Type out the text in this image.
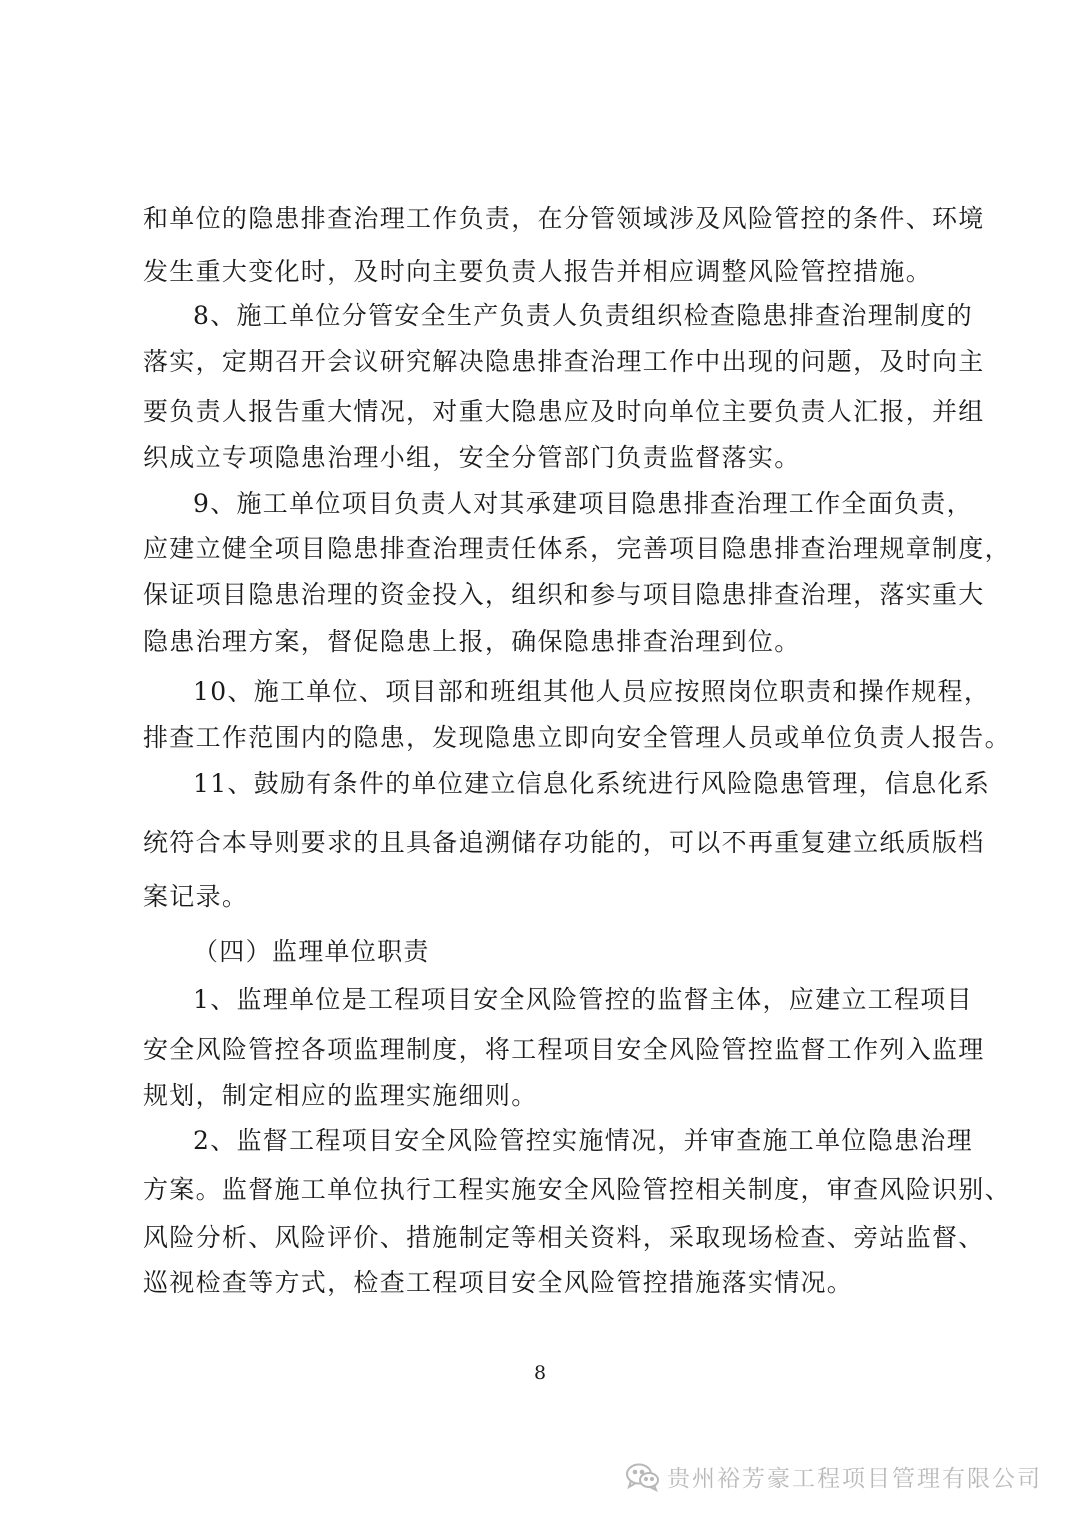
和单位的隐患排查治理工作负责，在分管领域涉及风险管控的条件、环境
发生重大变化时，及时向主要负责人报告并相应调整风险管控措施。
8、施工单位分管安全生产负责人负责组织检查隐患排查治理制度的
落实，定期召开会议研究解决隐患排查治理工作中出现的问题，及时向主
要负责人报告重大情况，对重大隐患应及时向单位主要负责人汇报，并组
织成立专项隐患治理小组，安全分管部门负责监督落实。
9、施工单位项目负责人对其承建项目隐患排查治理工作全面负责，
应建立健全项目隐患排查治理责任体系，完善项目隐患排查治理规章制度，
保证项目隐患治理的资金投入，组织和参与项目隐患排查治理，落实重大
隐患治理方案，督促隐患上报，确保隐患排查治理到位。
10、施工单位、项目部和班组其他人员应按照岗位职责和操作规程，
排查工作范围内的隐患，发现隐患立即向安全管理人员或单位负责人报告。
11、鼓励有条件的单位建立信息化系统进行风险隐患管理，信息化系
统符合本导则要求的且具备追溯储存功能的，可以不再重复建立纸质版档
案记录。
（四）监理单位职责
1、监理单位是工程项目安全风险管控的监督主体，应建立工程项目
安全风险管控各项监理制度，将工程项目安全风险管控监督工作列入监理
规划，制定相应的监理实施细则。
2、监督工程项目安全风险管控实施情况，并审查施工单位隐患治理
方案。监督施工单位执行工程实施安全风险管控相关制度，审查风险识别、
风险分析、风险评价、措施制定等相关资料，采取现场检查、旁站监督、
巡视检查等方式，检查工程项目安全风险管控措施落实情况。
8
贵州裕芳豪工程项目管理有限公司
